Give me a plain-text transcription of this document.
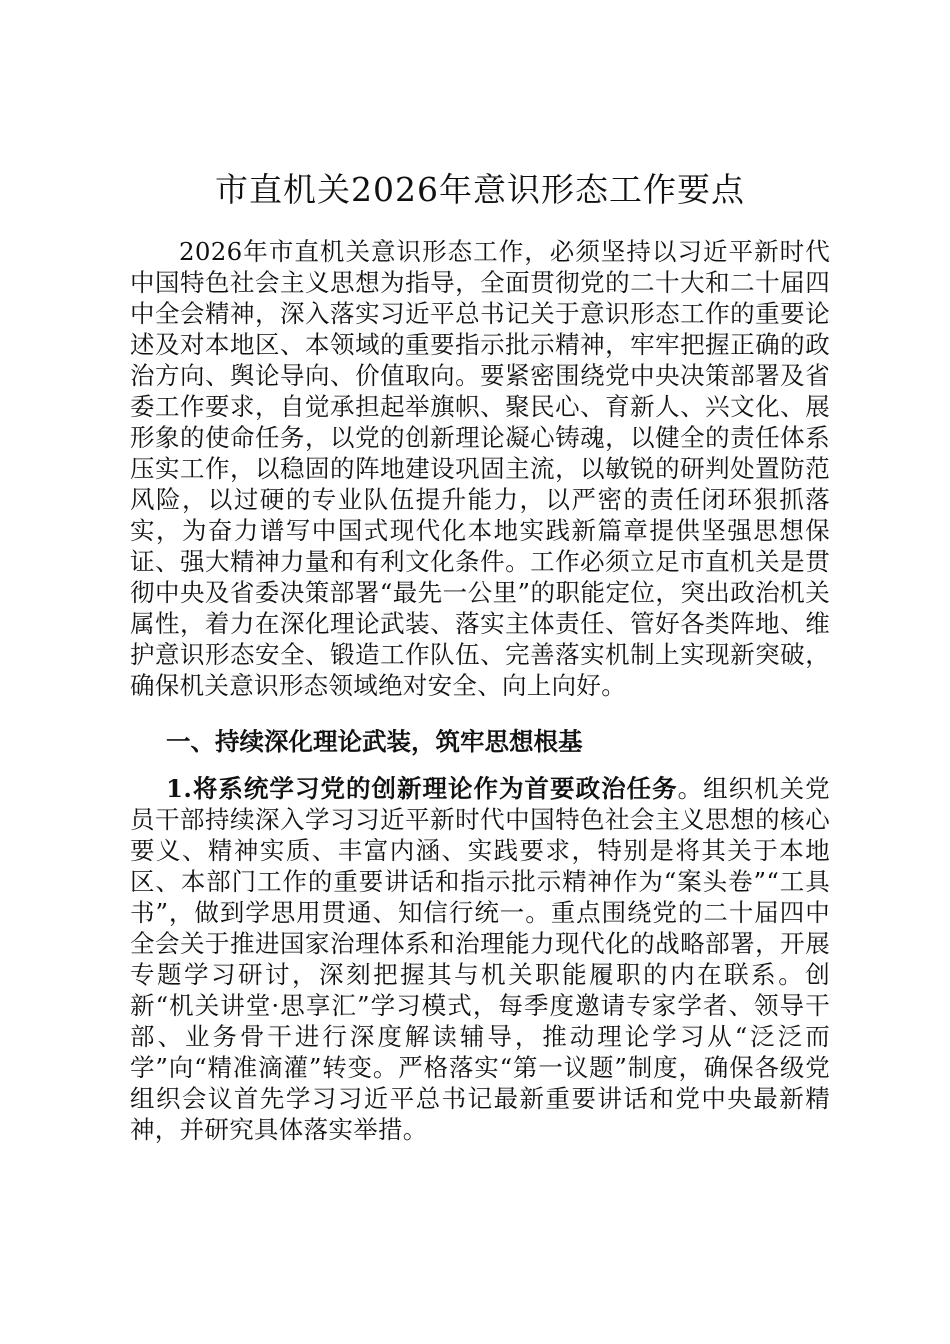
市直机关2026年意识形态工作要点

2026年市直机关意识形态工作，必须坚持以习近平新时代中国特色社会主义思想为指导，全面贯彻党的二十大和二十届四中全会精神，深入落实习近平总书记关于意识形态工作的重要论述及对本地区、本领域的重要指示批示精神，牢牢把握正确的政治方向、舆论导向、价值取向。要紧密围绕党中央决策部署及省委工作要求，自觉承担起举旗帜、聚民心、育新人、兴文化、展形象的使命任务，以党的创新理论凝心铸魂，以健全的责任体系压实工作，以稳固的阵地建设巩固主流，以敏锐的研判处置防范风险，以过硬的专业队伍提升能力，以严密的责任闭环狠抓落实，为奋力谱写中国式现代化本地实践新篇章提供坚强思想保证、强大精神力量和有利文化条件。工作必须立足市直机关是贯彻中央及省委决策部署“最先一公里”的职能定位，突出政治机关属性，着力在深化理论武装、落实主体责任、管好各类阵地、维护意识形态安全、锻造工作队伍、完善落实机制上实现新突破，确保机关意识形态领域绝对安全、向上向好。

一、持续深化理论武装，筑牢思想根基

1.将系统学习党的创新理论作为首要政治任务。组织机关党员干部持续深入学习习近平新时代中国特色社会主义思想的核心要义、精神实质、丰富内涵、实践要求，特别是将其关于本地区、本部门工作的重要讲话和指示批示精神作为“案头卷”“工具书”，做到学思用贯通、知信行统一。重点围绕党的二十届四中全会关于推进国家治理体系和治理能力现代化的战略部署，开展专题学习研讨，深刻把握其与机关职能履职的内在联系。创新“机关讲堂·思享汇”学习模式，每季度邀请专家学者、领导干部、业务骨干进行深度解读辅导，推动理论学习从“泛泛而学”向“精准滴灌”转变。严格落实“第一议题”制度，确保各级党组织会议首先学习习近平总书记最新重要讲话和党中央最新精神，并研究具体落实举措。
